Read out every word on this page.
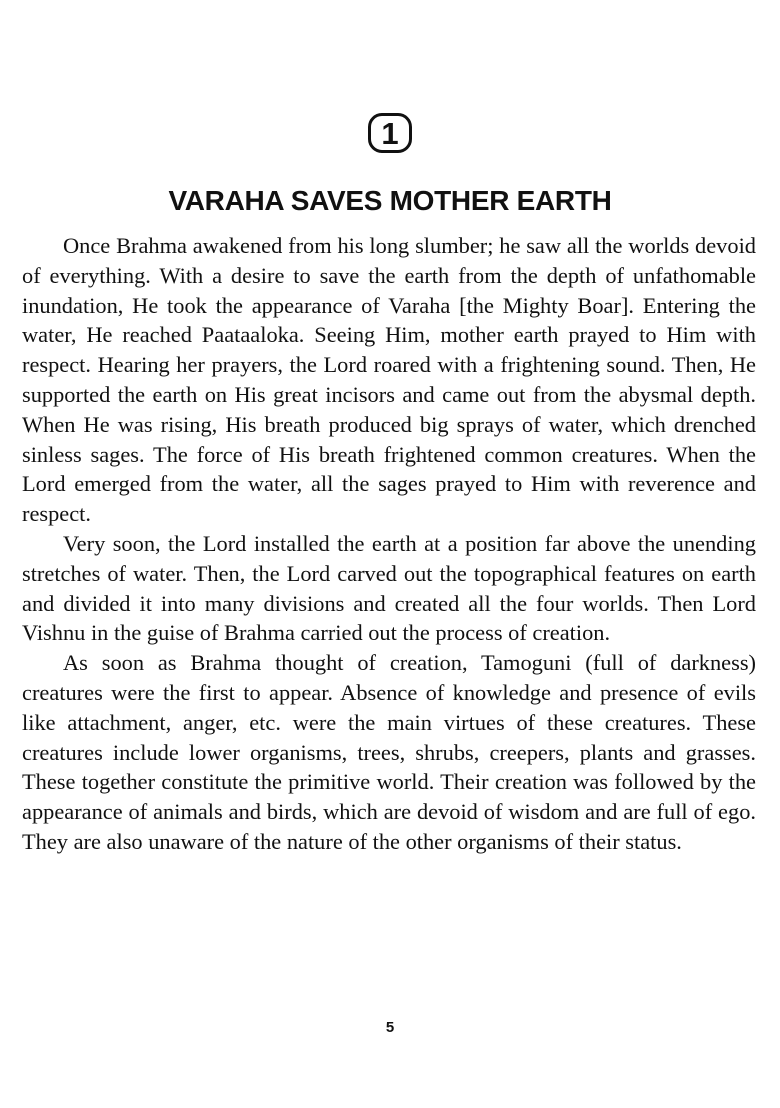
1
VARAHA SAVES MOTHER EARTH

Once Brahma awakened from his long slumber; he saw all the worlds devoid of everything. With a desire to save the earth from the depth of unfathomable inundation, He took the appearance of Varaha [the Mighty Boar]. Entering the water, He reached Paataaloka. Seeing Him, mother earth prayed to Him with respect. Hearing her prayers, the Lord roared with a frightening sound. Then, He supported the earth on His great incisors and came out from the abysmal depth. When He was rising, His breath produced big sprays of water, which drenched sinless sages. The force of His breath frightened common creatures. When the Lord emerged from the water, all the sages prayed to Him with reverence and respect.

Very soon, the Lord installed the earth at a position far above the unending stretches of water. Then, the Lord carved out the topographical features on earth and divided it into many divisions and created all the four worlds. Then Lord Vishnu in the guise of Brahma carried out the process of creation.

As soon as Brahma thought of creation, Tamoguni (full of darkness) creatures were the first to appear. Absence of knowledge and presence of evils like attachment, anger, etc. were the main virtues of these creatures. These creatures include lower organisms, trees, shrubs, creepers, plants and grasses. These together constitute the primitive world. Their creation was followed by the appearance of animals and birds, which are devoid of wisdom and are full of ego. They are also unaware of the nature of the other organisms of their status.

5
